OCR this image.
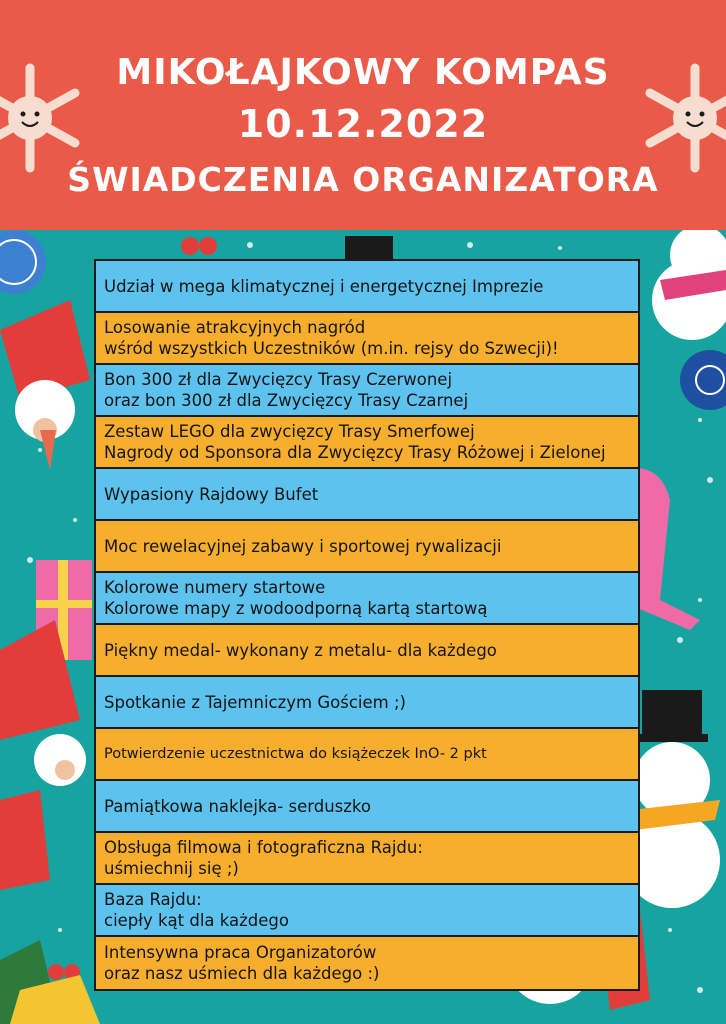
MIKOŁAJKOWY KOMPAS
10.12.2022
ŚWIADCZENIA ORGANIZATORA
Udział w mega klimatycznej i energetycznej Imprezie
Losowanie atrakcyjnych nagród
wśród wszystkich Uczestników (m.in. rejsy do Szwecji)!
Bon 300 zł dla Zwycięzcy Trasy Czerwonej
oraz bon 300 zł dla Zwycięzcy Trasy Czarnej
Zestaw LEGO dla zwycięzcy Trasy Smerfowej
Nagrody od Sponsora dla Zwycięzcy Trasy Różowej i Zielonej
Wypasiony Rajdowy Bufet
Moc rewelacyjnej zabawy i sportowej rywalizacji
Kolorowe numery startowe
Kolorowe mapy z wodoodporną kartą startową
Piękny medal- wykonany z metalu- dla każdego
Spotkanie z Tajemniczym Gościem ;)
Potwierdzenie uczestnictwa do książeczek InO- 2 pkt
Pamiątkowa naklejka- serduszko
Obsługa filmowa i fotograficzna Rajdu:
uśmiechnij się ;)
Baza Rajdu:
ciepły kąt dla każdego
Intensywna praca Organizatorów
oraz nasz uśmiech dla każdego :)
